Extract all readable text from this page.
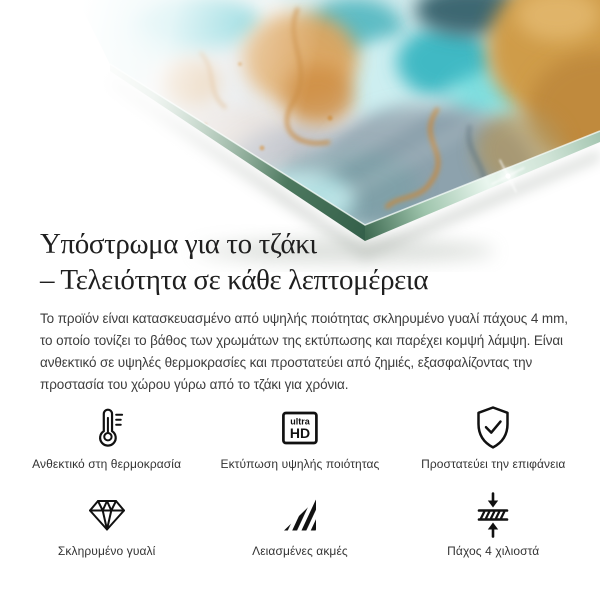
Υπόστρωμα για το τζάκι
– Τελειότητα σε κάθε λεπτομέρεια
Το προϊόν είναι κατασκευασμένο από υψηλής ποιότητας σκληρυμένο γυαλί πάχους 4 mm,
το οποίο τονίζει το βάθος των χρωμάτων της εκτύπωσης και παρέχει κομψή λάμψη. Είναι
ανθεκτικό σε υψηλές θερμοκρασίες και προστατεύει από ζημιές, εξασφαλίζοντας την
προστασία του χώρου γύρω από το τζάκι για χρόνια.
Ανθεκτικό στη θερμοκρασία
ultra
HD
Εκτύπωση υψηλής ποιότητας	Προστατεύει την επιφάνεια
Σκληρυμένο γυαλί	Λειασμένες ακμές	Πάχος 4 χιλιοστά
